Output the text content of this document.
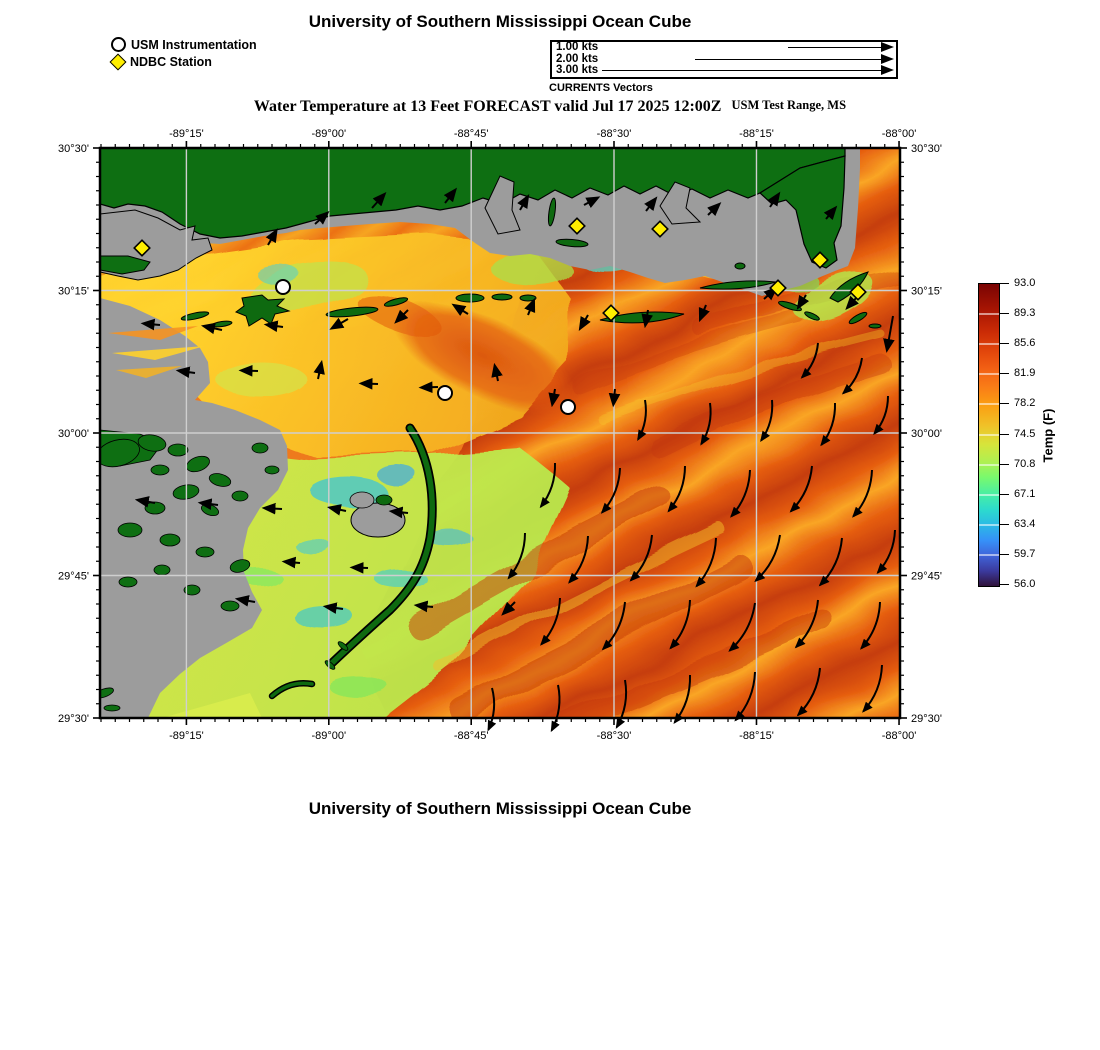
University of Southern Mississippi Ocean Cube
USM Instrumentation
NDBC Station
1.00 kts
2.00 kts
3.00 kts
CURRENTS Vectors
Water Temperature at 13 Feet FORECAST valid Jul 17 2025 12:00Z USM Test Range, MS
-89°15'
-89°15'
-89°00'
-89°00'
-88°45'
-88°45'
-88°30'
-88°30'
-88°15'
-88°15'
-88°00'
-88°00'
30°30'	30°30'
30°15'	30°15'
30°00'	30°00'
29°45'	29°45'
29°30'	29°30'
93.0
89.3
85.6
81.9
78.2
74.5
70.8
67.1
63.4
59.7
56.0
Temp (F)
University of Southern Mississippi Ocean Cube
